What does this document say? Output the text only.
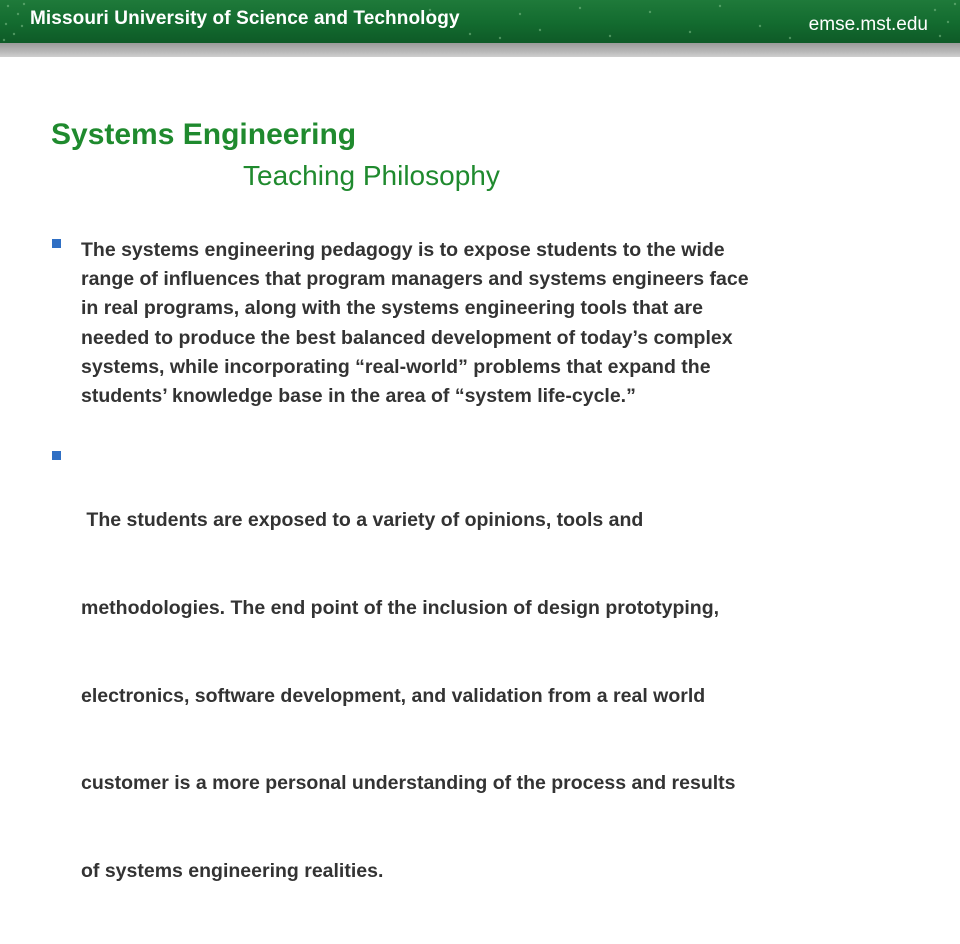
Missouri University of Science and Technology	emse.mst.edu
Systems Engineering
Teaching Philosophy

The systems engineering pedagogy is to expose students to the wide
range of influences that program managers and systems engineers face
in real programs, along with the systems engineering tools that are
needed to produce the best balanced development of today’s complex
systems, while incorporating “real-world” problems that expand the
students’ knowledge base in the area of “system life-cycle.”

The students are exposed to a variety of opinions, tools and

methodologies. The end point of the inclusion of design prototyping,

electronics, software development, and validation from a real world

customer is a more personal understanding of the process and results

of systems engineering realities.
